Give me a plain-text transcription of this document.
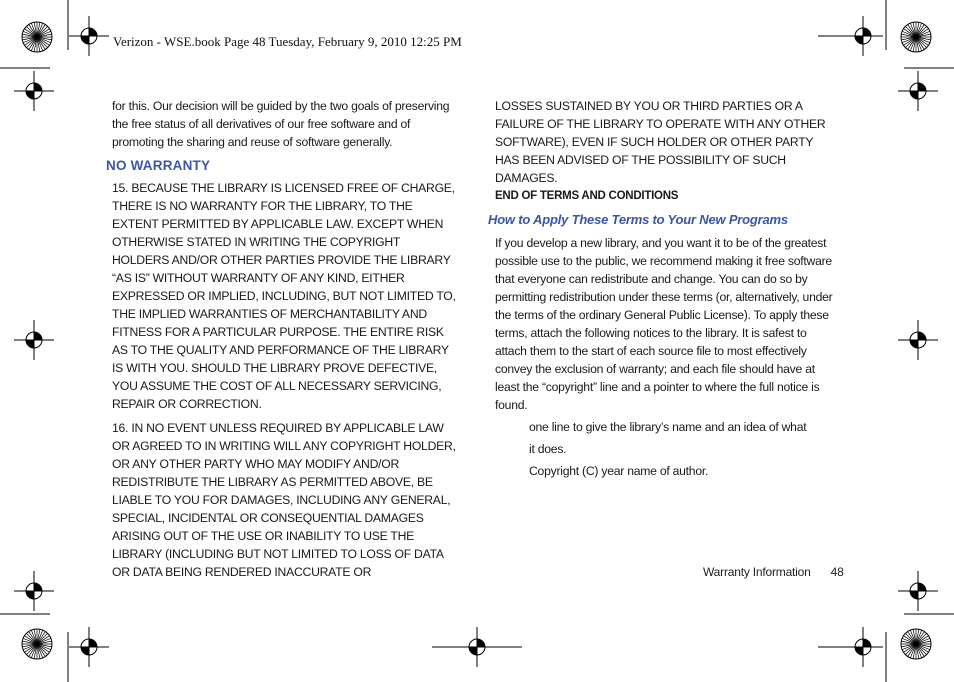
Verizon - WSE.book Page 48 Tuesday, February 9, 2010 12:25 PM

for this. Our decision will be guided by the two goals of preserving the free status of all derivatives of our free software and of promoting the sharing and reuse of software generally.

NO WARRANTY

15. BECAUSE THE LIBRARY IS LICENSED FREE OF CHARGE, THERE IS NO WARRANTY FOR THE LIBRARY, TO THE EXTENT PERMITTED BY APPLICABLE LAW. EXCEPT WHEN OTHERWISE STATED IN WRITING THE COPYRIGHT HOLDERS AND/OR OTHER PARTIES PROVIDE THE LIBRARY “AS IS” WITHOUT WARRANTY OF ANY KIND, EITHER EXPRESSED OR IMPLIED, INCLUDING, BUT NOT LIMITED TO, THE IMPLIED WARRANTIES OF MERCHANTABILITY AND FITNESS FOR A PARTICULAR PURPOSE. THE ENTIRE RISK AS TO THE QUALITY AND PERFORMANCE OF THE LIBRARY IS WITH YOU. SHOULD THE LIBRARY PROVE DEFECTIVE, YOU ASSUME THE COST OF ALL NECESSARY SERVICING, REPAIR OR CORRECTION.

16. IN NO EVENT UNLESS REQUIRED BY APPLICABLE LAW OR AGREED TO IN WRITING WILL ANY COPYRIGHT HOLDER, OR ANY OTHER PARTY WHO MAY MODIFY AND/OR REDISTRIBUTE THE LIBRARY AS PERMITTED ABOVE, BE LIABLE TO YOU FOR DAMAGES, INCLUDING ANY GENERAL, SPECIAL, INCIDENTAL OR CONSEQUENTIAL DAMAGES ARISING OUT OF THE USE OR INABILITY TO USE THE LIBRARY (INCLUDING BUT NOT LIMITED TO LOSS OF DATA OR DATA BEING RENDERED INACCURATE OR

LOSSES SUSTAINED BY YOU OR THIRD PARTIES OR A FAILURE OF THE LIBRARY TO OPERATE WITH ANY OTHER SOFTWARE), EVEN IF SUCH HOLDER OR OTHER PARTY HAS BEEN ADVISED OF THE POSSIBILITY OF SUCH DAMAGES.

END OF TERMS AND CONDITIONS

How to Apply These Terms to Your New Programs

If you develop a new library, and you want it to be of the greatest possible use to the public, we recommend making it free software that everyone can redistribute and change. You can do so by permitting redistribution under these terms (or, alternatively, under the terms of the ordinary General Public License). To apply these terms, attach the following notices to the library. It is safest to attach them to the start of each source file to most effectively convey the exclusion of warranty; and each file should have at least the “copyright” line and a pointer to where the full notice is found.

one line to give the library’s name and an idea of what

it does.

Copyright (C) year name of author.

Warranty Information 48
